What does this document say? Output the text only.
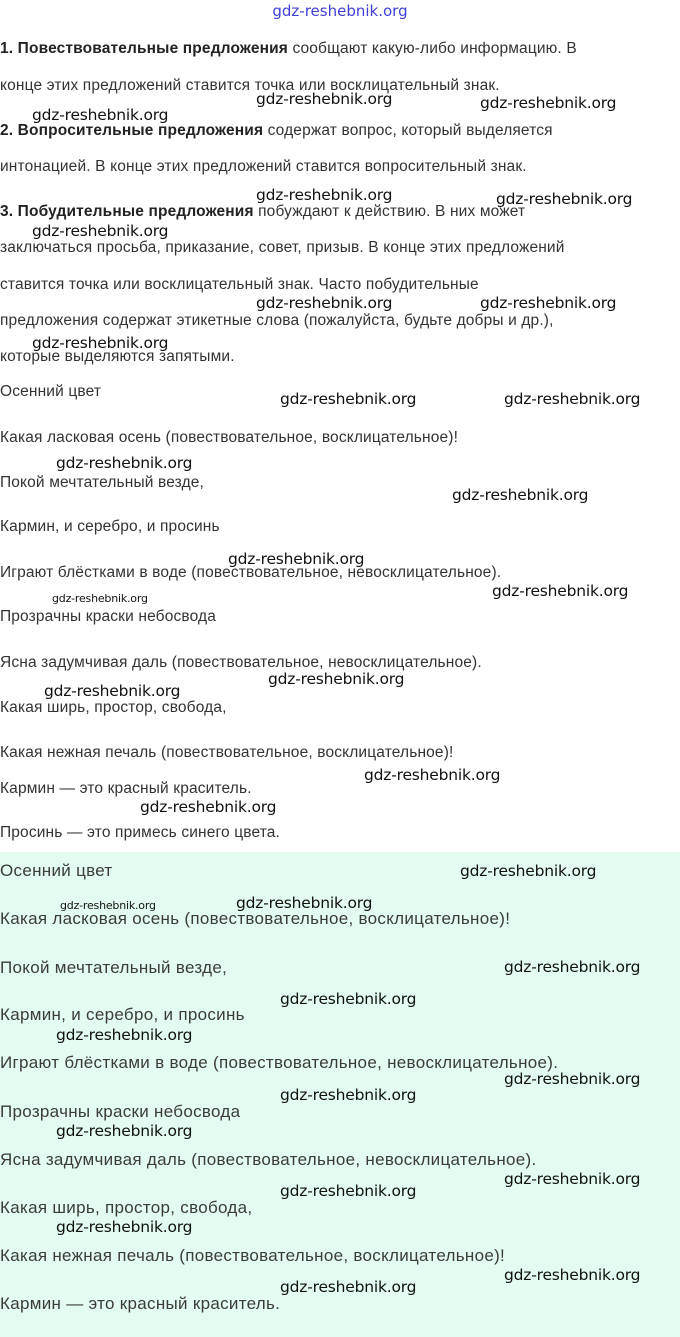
gdz-reshebnik.org
1. Повествовательные предложения сообщают какую-либо информацию. В
конце этих предложений ставится точка или восклицательный знак.
2. Вопросительные предложения содержат вопрос, который выделяется
интонацией. В конце этих предложений ставится вопросительный знак.
3. Побудительные предложения побуждают к действию. В них может
заключаться просьба, приказание, совет, призыв. В конце этих предложений
ставится точка или восклицательный знак. Часто побудительные
предложения содержат этикетные слова (пожалуйста, будьте добры и др.),
которые выделяются запятыми.
Осенний цвет
Какая ласковая осень (повествовательное, восклицательное)!
Покой мечтательный везде,
Кармин, и серебро, и просинь
Играют блёстками в воде (повествовательное, невосклицательное).
Прозрачны краски небосвода
Ясна задумчивая даль (повествовательное, невосклицательное).
Какая ширь, простор, свобода,
Какая нежная печаль (повествовательное, восклицательное)!
Кармин — это красный краситель.
Просинь — это примесь синего цвета.
Осенний цвет
Какая ласковая осень (повествовательное, восклицательное)!
Покой мечтательный везде,
Кармин, и серебро, и просинь
Играют блёстками в воде (повествовательное, невосклицательное).
Прозрачны краски небосвода
Ясна задумчивая даль (повествовательное, невосклицательное).
Какая ширь, простор, свобода,
Какая нежная печаль (повествовательное, восклицательное)!
Кармин — это красный краситель.
gdz-reshebnik.org	gdz-reshebnik.org
gdz-reshebnik.org
gdz-reshebnik.org	gdz-reshebnik.org
gdz-reshebnik.org
gdz-reshebnik.org	gdz-reshebnik.org
gdz-reshebnik.org
gdz-reshebnik.org	gdz-reshebnik.org
gdz-reshebnik.org
gdz-reshebnik.org
gdz-reshebnik.org
gdz-reshebnik.org	gdz-reshebnik.org
gdz-reshebnik.org
gdz-reshebnik.org
gdz-reshebnik.org
gdz-reshebnik.org
gdz-reshebnik.org
gdz-reshebnik.org	gdz-reshebnik.org
gdz-reshebnik.org
gdz-reshebnik.org
gdz-reshebnik.org
gdz-reshebnik.org
gdz-reshebnik.org
gdz-reshebnik.org
gdz-reshebnik.org
gdz-reshebnik.org
gdz-reshebnik.org
gdz-reshebnik.org
gdz-reshebnik.org
